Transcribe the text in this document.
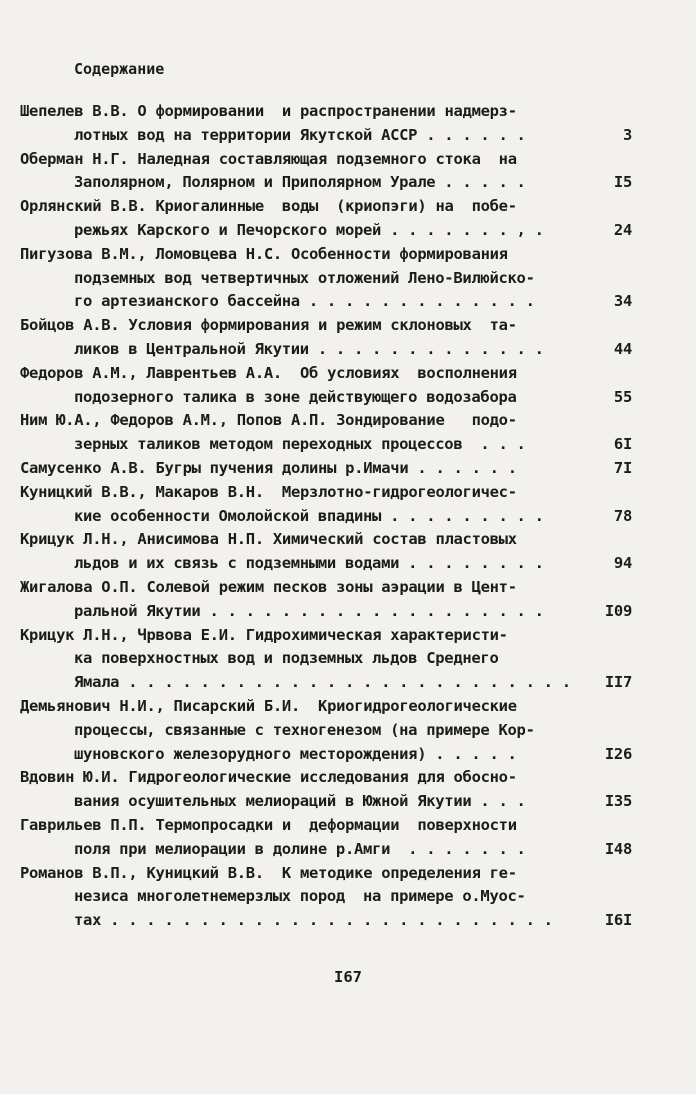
Содержание
Шепелев В.В. О формировании  и распространении надмерз-
лотных вод на территории Якутской АССР . . . . . .	3
Оберман Н.Г. Наледная составляющая подземного стока  на
Заполярном, Полярном и Приполярном Урале . . . . .	I5
Орлянский В.В. Криогалинные  воды  (криопэги) на  побе-
режьях Карского и Печорского морей . . . . . . . , .	24
Пигузова В.М., Ломовцева Н.С. Особенности формирования
подземных вод четвертичных отложений Лено-Вилюйско-
го артезианского бассейна . . . . . . . . . . . . .	34
Бойцов А.В. Условия формирования и режим склоновых  та-
ликов в Центральной Якутии . . . . . . . . . . . . .	44
Федоров А.М., Лаврентьев А.А.  Об условиях  восполнения
подозерного талика в зоне действующего водозабора	55
Ним Ю.А., Федоров А.М., Попов А.П. Зондирование   подо-
зерных таликов методом переходных процессов  . . .	6I
Самусенко А.В. Бугры пучения долины р.Имачи . . . . . .	7I
Куницкий В.В., Макаров В.Н.  Мерзлотно-гидрогеологичес-
кие особенности Омолойской впадины . . . . . . . . .	78
Крицук Л.Н., Анисимова Н.П. Химический состав пластовых
льдов и их связь с подземными водами . . . . . . . .	94
Жигалова О.П. Солевой режим песков зоны аэрации в Цент-
ральной Якутии . . . . . . . . . . . . . . . . . . .	I09
Крицук Л.Н., Чрвова Е.И. Гидрохимическая характеристи-
ка поверхностных вод и подземных льдов Среднего
Ямала . . . . . . . . . . . . . . . . . . . . . . . . . II7
Демьянович Н.И., Писарский Б.И.  Криогидрогеологические
процессы, связанные с техногенезом (на примере Кор-
шуновского железорудного месторождения) . . . . .	I26
Вдовин Ю.И. Гидрогеологические исследования для обосно-
вания осушительных мелиораций в Южной Якутии . . .	I35
Гаврильев П.П. Термопросадки и  деформации  поверхности
поля при мелиорации в долине р.Амги  . . . . . . .	I48
Романов В.П., Куницкий В.В.  К методике определения ге-
незиса многолетнемерзлых пород  на примере о.Муос-
тах . . . . . . . . . . . . . . . . . . . . . . . . .	I6I
I67
